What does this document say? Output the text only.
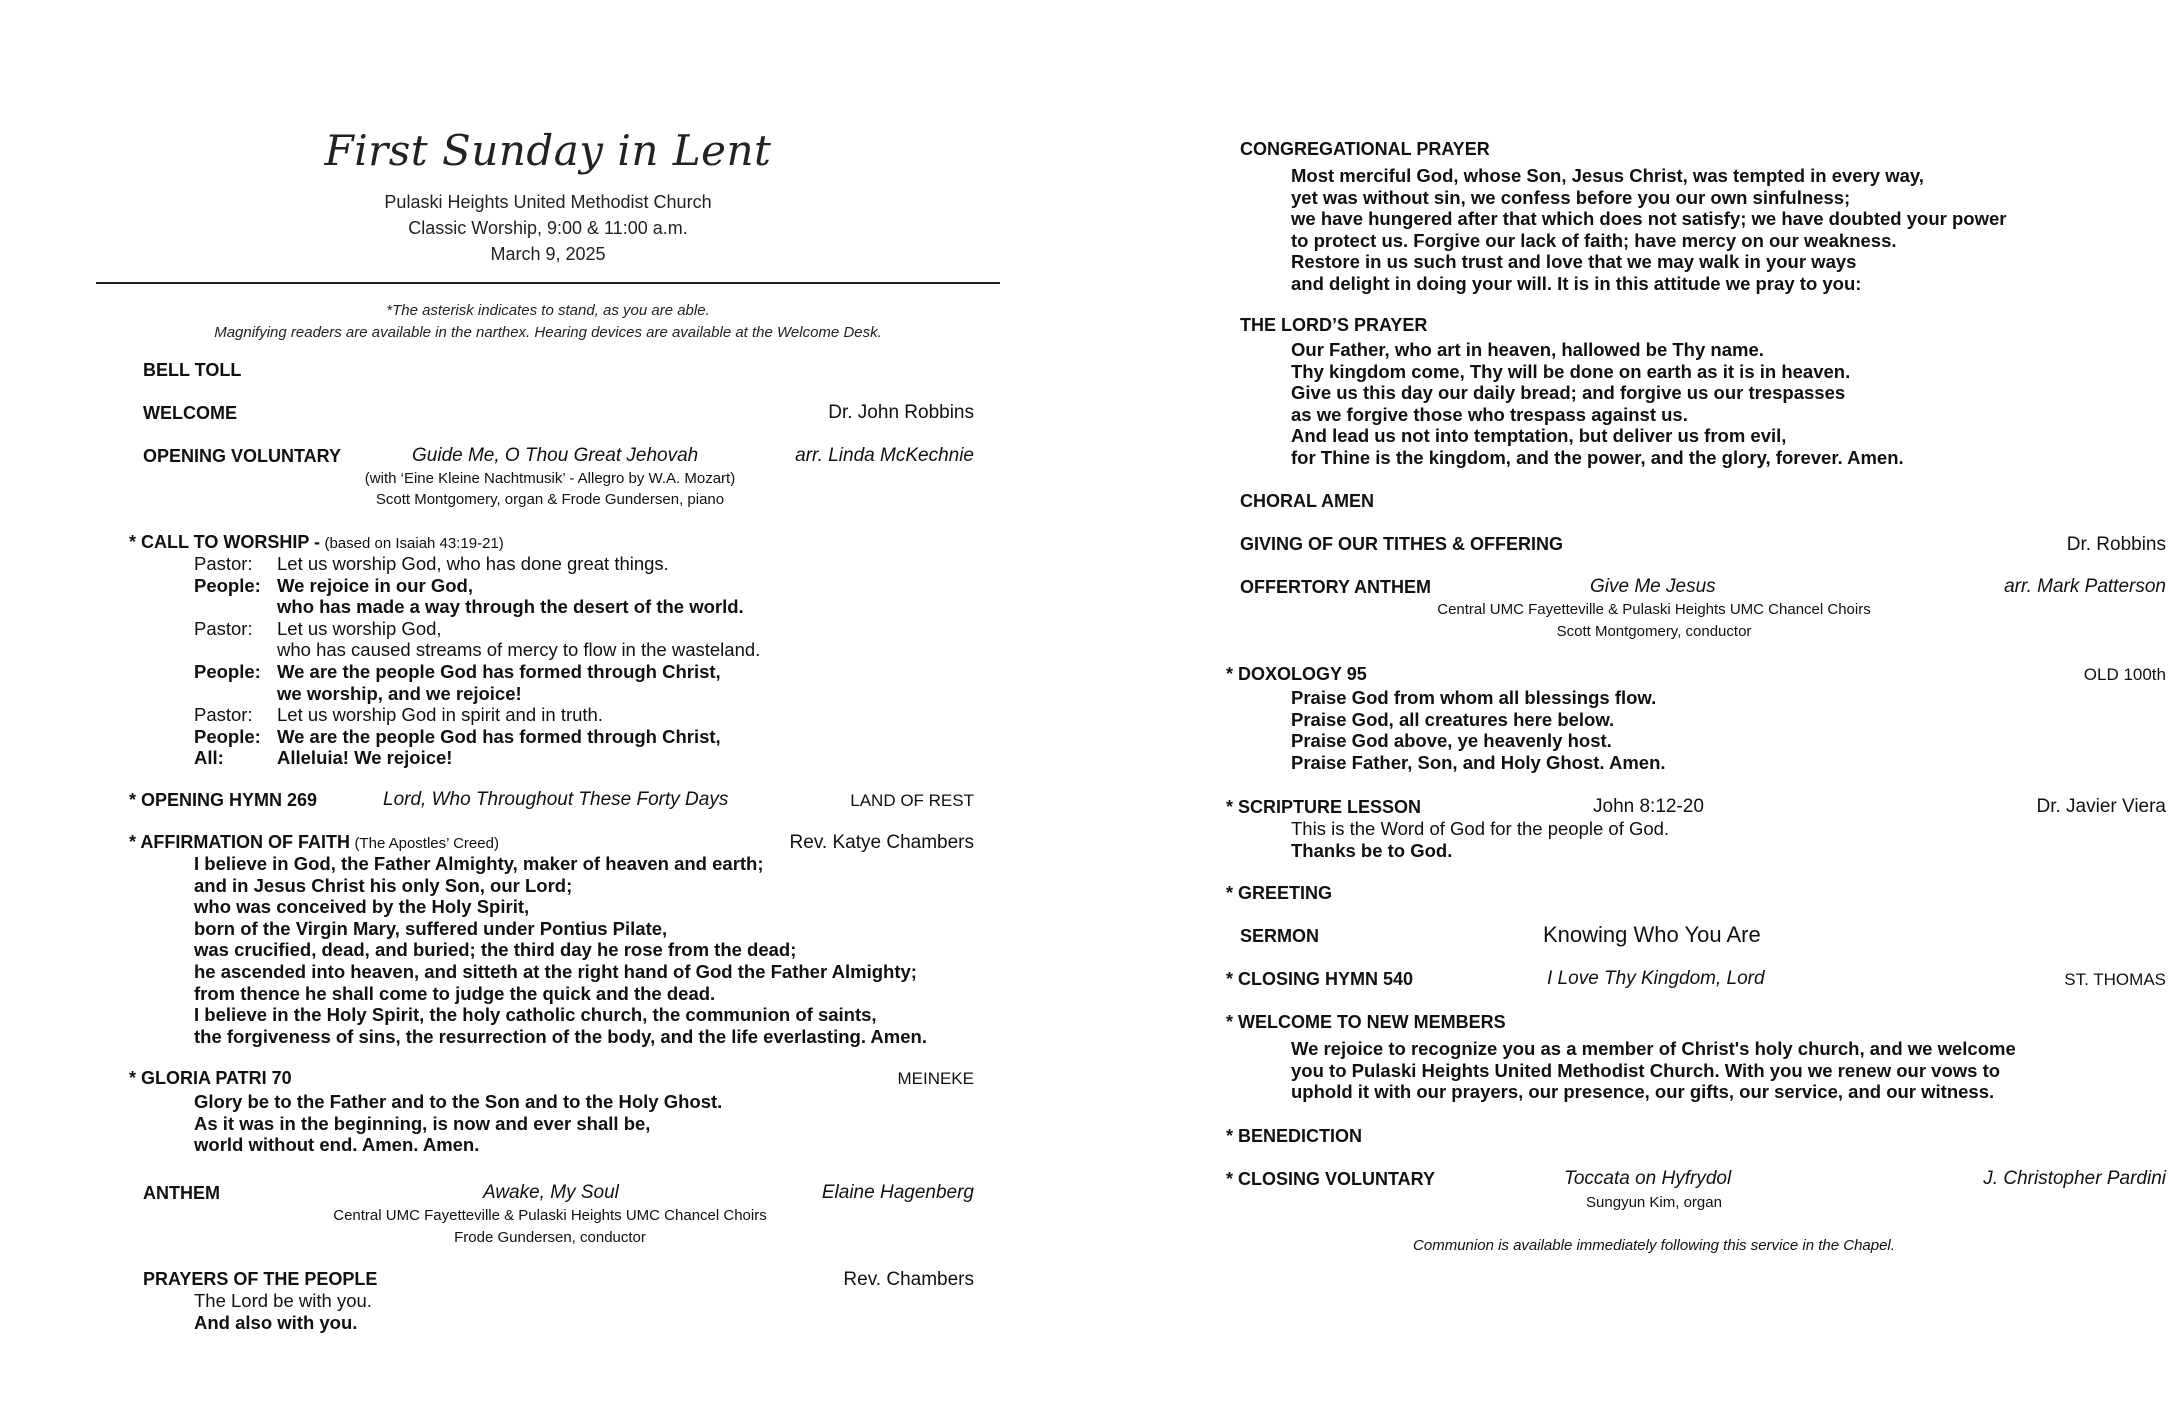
First Sunday in Lent
Pulaski Heights United Methodist Church
Classic Worship, 9:00 & 11:00 a.m.
March 9, 2025
*The asterisk indicates to stand, as you are able.
Magnifying readers are available in the narthex. Hearing devices are available at the Welcome Desk.
BELL TOLL
WELCOME	Dr. John Robbins
OPENING VOLUNTARY	Guide Me, O Thou Great Jehovah	arr. Linda McKechnie
(with ‘Eine Kleine Nachtmusik’ - Allegro by W.A. Mozart)
Scott Montgomery, organ & Frode Gundersen, piano
* CALL TO WORSHIP - (based on Isaiah 43:19-21)
Pastor:	Let us worship God, who has done great things.
People: We rejoice in our God,
who has made a way through the desert of the world.
Pastor:	Let us worship God,
who has caused streams of mercy to flow in the wasteland.
People: We are the people God has formed through Christ,
we worship, and we rejoice!
Pastor:	Let us worship God in spirit and in truth.
People: We are the people God has formed through Christ,
All:	Alleluia! We rejoice!
* OPENING HYMN 269	Lord, Who Throughout These Forty Days	LAND OF REST
* AFFIRMATION OF FAITH (The Apostles’ Creed)	Rev. Katye Chambers
I believe in God, the Father Almighty, maker of heaven and earth;
and in Jesus Christ his only Son, our Lord;
who was conceived by the Holy Spirit,
born of the Virgin Mary, suffered under Pontius Pilate,
was crucified, dead, and buried; the third day he rose from the dead;
he ascended into heaven, and sitteth at the right hand of God the Father Almighty;
from thence he shall come to judge the quick and the dead.
I believe in the Holy Spirit, the holy catholic church, the communion of saints,
the forgiveness of sins, the resurrection of the body, and the life everlasting. Amen.
* GLORIA PATRI 70	MEINEKE
Glory be to the Father and to the Son and to the Holy Ghost.
As it was in the beginning, is now and ever shall be,
world without end. Amen. Amen.
ANTHEM	Awake, My Soul	Elaine Hagenberg
Central UMC Fayetteville & Pulaski Heights UMC Chancel Choirs
Frode Gundersen, conductor
PRAYERS OF THE PEOPLE	Rev. Chambers
The Lord be with you.
And also with you.
CONGREGATIONAL PRAYER
Most merciful God, whose Son, Jesus Christ, was tempted in every way,
yet was without sin, we confess before you our own sinfulness;
we have hungered after that which does not satisfy; we have doubted your power
to protect us. Forgive our lack of faith; have mercy on our weakness.
Restore in us such trust and love that we may walk in your ways
and delight in doing your will. It is in this attitude we pray to you:
THE LORD’S PRAYER
Our Father, who art in heaven, hallowed be Thy name.
Thy kingdom come, Thy will be done on earth as it is in heaven.
Give us this day our daily bread; and forgive us our trespasses
as we forgive those who trespass against us.
And lead us not into temptation, but deliver us from evil,
for Thine is the kingdom, and the power, and the glory, forever. Amen.
CHORAL AMEN
GIVING OF OUR TITHES & OFFERING	Dr. Robbins
OFFERTORY ANTHEM	Give Me Jesus	arr. Mark Patterson
Central UMC Fayetteville & Pulaski Heights UMC Chancel Choirs
Scott Montgomery, conductor
* DOXOLOGY 95	OLD 100th
Praise God from whom all blessings flow.
Praise God, all creatures here below.
Praise God above, ye heavenly host.
Praise Father, Son, and Holy Ghost. Amen.
* SCRIPTURE LESSON	John 8:12-20	Dr. Javier Viera
This is the Word of God for the people of God.
Thanks be to God.
* GREETING
SERMON	Knowing Who You Are
* CLOSING HYMN 540	I Love Thy Kingdom, Lord	ST. THOMAS
* WELCOME TO NEW MEMBERS
We rejoice to recognize you as a member of Christ's holy church, and we welcome
you to Pulaski Heights United Methodist Church. With you we renew our vows to
uphold it with our prayers, our presence, our gifts, our service, and our witness.
* BENEDICTION
* CLOSING VOLUNTARY	Toccata on Hyfrydol	J. Christopher Pardini
Sungyun Kim, organ
Communion is available immediately following this service in the Chapel.
